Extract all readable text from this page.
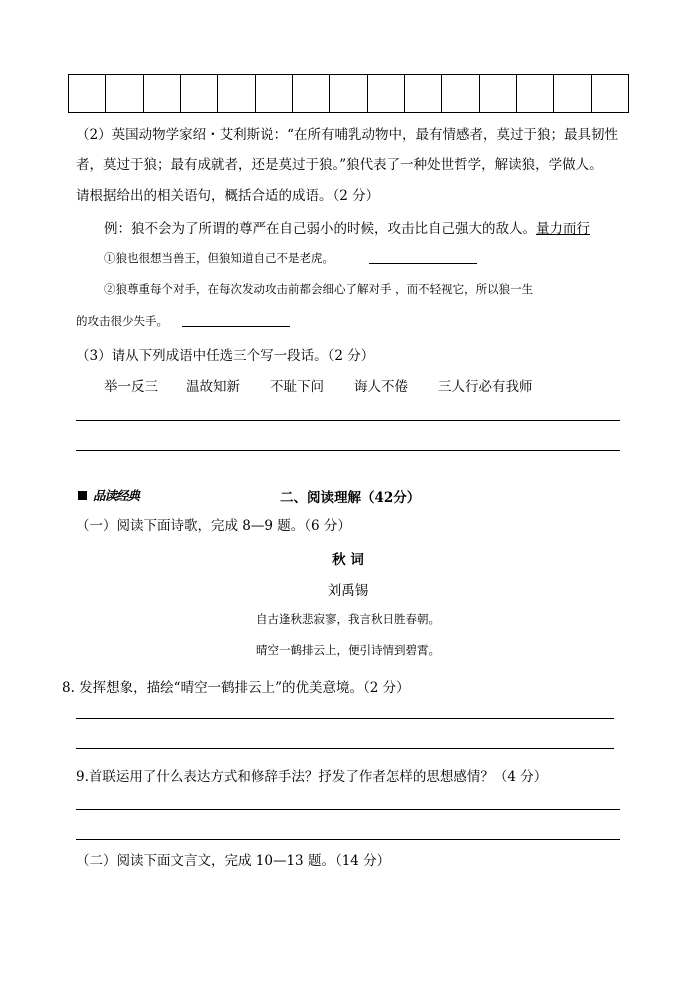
（2）英国动物学家绍・艾利斯说：“在所有哺乳动物中，最有情感者，莫过于狼；最具韧性
者，莫过于狼；最有成就者，还是莫过于狼。”狼代表了一种处世哲学，解读狼，学做人。
请根据给出的相关语句，概括合适的成语。（2 分）
例：狼不会为了所谓的尊严在自己弱小的时候，攻击比自己强大的敌人。量力而行
①狼也很想当兽王，但狼知道自己不是老虎。
②狼尊重每个对手，在每次发动攻击前都会细心了解对手 ，而不轻视它，所以狼一生
的攻击很少失手。
（3）请从下列成语中任选三个写一段话。（2 分）
举一反三 温故知新 不耻下问 诲人不倦 三人行必有我师
品读经典	二、阅读理解（42分）
（一）阅读下面诗歌，完成 8—9 题。（6 分）
秋 词
刘禹锡
自古逢秋悲寂寥，我言秋日胜春朝。
晴空一鹤排云上，便引诗情到碧霄。
8. 发挥想象，描绘“晴空一鹤排云上”的优美意境。（2 分）
9.首联运用了什么表达方式和修辞手法？抒发了作者怎样的思想感情？（4 分）
（二）阅读下面文言文，完成 10—13 题。（14 分）
